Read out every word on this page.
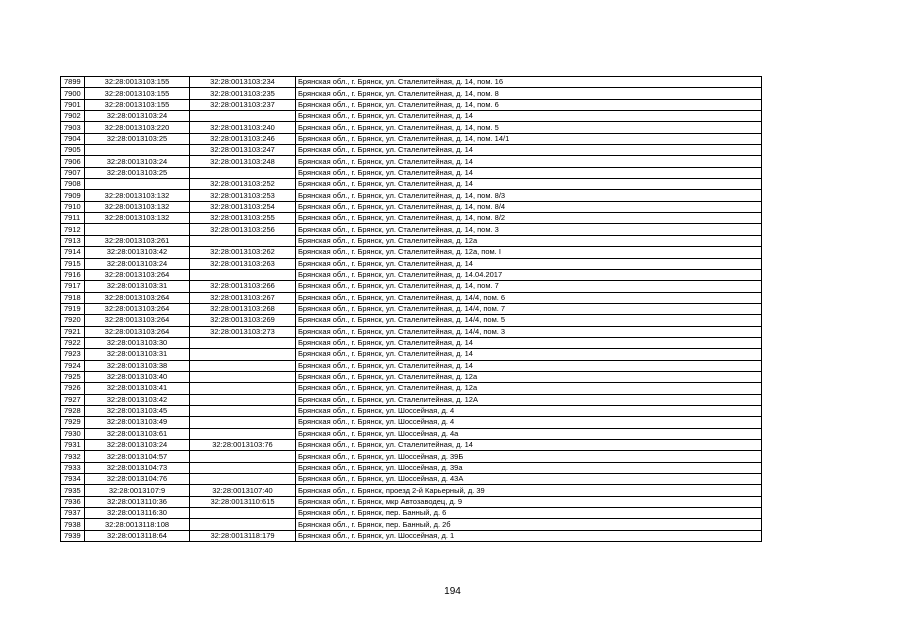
7899	32:28:0013103:155	32:28:0013103:234	Брянская обл., г. Брянск, ул. Сталелитейная, д. 14, пом. 16
7900	32:28:0013103:155	32:28:0013103:235	Брянская обл., г. Брянск, ул. Сталелитейная, д. 14, пом. 8
7901	32:28:0013103:155	32:28:0013103:237	Брянская обл., г. Брянск, ул. Сталелитейная, д. 14, пом. 6
7902	32:28:0013103:24		Брянская обл., г. Брянск, ул. Сталелитейная, д. 14
7903	32:28:0013103:220	32:28:0013103:240	Брянская обл., г. Брянск, ул. Сталелитейная, д. 14, пом. 5
7904	32:28:0013103:25	32:28:0013103:246	Брянская обл., г. Брянск, ул. Сталелитейная, д. 14, пом. 14/1
7905		32:28:0013103:247	Брянская обл., г. Брянск, ул. Сталелитейная, д. 14
7906	32:28:0013103:24	32:28:0013103:248	Брянская обл., г. Брянск, ул. Сталелитейная, д. 14
7907	32:28:0013103:25		Брянская обл., г. Брянск, ул. Сталелитейная, д. 14
7908		32:28:0013103:252	Брянская обл., г. Брянск, ул. Сталелитейная, д. 14
7909	32:28:0013103:132	32:28:0013103:253	Брянская обл., г. Брянск, ул. Сталелитейная, д. 14, пом. 8/3
7910	32:28:0013103:132	32:28:0013103:254	Брянская обл., г. Брянск, ул. Сталелитейная, д. 14, пом. 8/4
7911	32:28:0013103:132	32:28:0013103:255	Брянская обл., г. Брянск, ул. Сталелитейная, д. 14, пом. 8/2
7912		32:28:0013103:256	Брянская обл., г. Брянск, ул. Сталелитейная, д. 14, пом. 3
7913	32:28:0013103:261		Брянская обл., г. Брянск, ул. Сталелитейная, д. 12а
7914	32:28:0013103:42	32:28:0013103:262	Брянская обл., г. Брянск, ул. Сталелитейная, д. 12а, пом. I
7915	32:28:0013103:24	32:28:0013103:263	Брянская обл., г. Брянск, ул. Сталелитейная, д. 14
7916	32:28:0013103:264		Брянская обл., г. Брянск, ул. Сталелитейная, д. 14.04.2017
7917	32:28:0013103:31	32:28:0013103:266	Брянская обл., г. Брянск, ул. Сталелитейная, д. 14, пом. 7
7918	32:28:0013103:264	32:28:0013103:267	Брянская обл., г. Брянск, ул. Сталелитейная, д. 14/4, пом. 6
7919	32:28:0013103:264	32:28:0013103:268	Брянская обл., г. Брянск, ул. Сталелитейная, д. 14/4, пом. 7
7920	32:28:0013103:264	32:28:0013103:269	Брянская обл., г. Брянск, ул. Сталелитейная, д. 14/4, пом. 5
7921	32:28:0013103:264	32:28:0013103:273	Брянская обл., г. Брянск, ул. Сталелитейная, д. 14/4, пом. 3
7922	32:28:0013103:30		Брянская обл., г. Брянск, ул. Сталелитейная, д. 14
7923	32:28:0013103:31		Брянская обл., г. Брянск, ул. Сталелитейная, д. 14
7924	32:28:0013103:38		Брянская обл., г. Брянск, ул. Сталелитейная, д. 14
7925	32:28:0013103:40		Брянская обл., г. Брянск, ул. Сталелитейная, д. 12а
7926	32:28:0013103:41		Брянская обл., г. Брянск, ул. Сталелитейная, д. 12а
7927	32:28:0013103:42		Брянская обл., г. Брянск, ул. Сталелитейная, д. 12А
7928	32:28:0013103:45		Брянская обл., г. Брянск, ул. Шоссейная, д. 4
7929	32:28:0013103:49		Брянская обл., г. Брянск, ул. Шоссейная, д. 4
7930	32:28:0013103:61		Брянская обл., г. Брянск, ул. Шоссейная, д. 4а
7931	32:28:0013103:24	32:28:0013103:76	Брянская обл., г. Брянск, ул. Сталелитейная, д. 14
7932	32:28:0013104:57		Брянская обл., г. Брянск, ул. Шоссейная, д. 39Б
7933	32:28:0013104:73		Брянская обл., г. Брянск, ул. Шоссейная, д. 39а
7934	32:28:0013104:76		Брянская обл., г. Брянск, ул. Шоссейная, д. 43А
7935	32:28:0013107:9	32:28:0013107:40	Брянская обл., г. Брянск, проезд 2-й Карьерный, д. 39
7936	32:28:0013110:36	32:28:0013110:615	Брянская обл., г. Брянск, мкр Автозаводец, д. 9
7937	32:28:0013116:30		Брянская обл., г. Брянск, пер. Банный, д. 6
7938	32:28:0013118:108		Брянская обл., г. Брянск, пер. Банный, д. 2б
7939	32:28:0013118:64	32:28:0013118:179	Брянская обл., г. Брянск, ул. Шоссейная, д. 1
194
